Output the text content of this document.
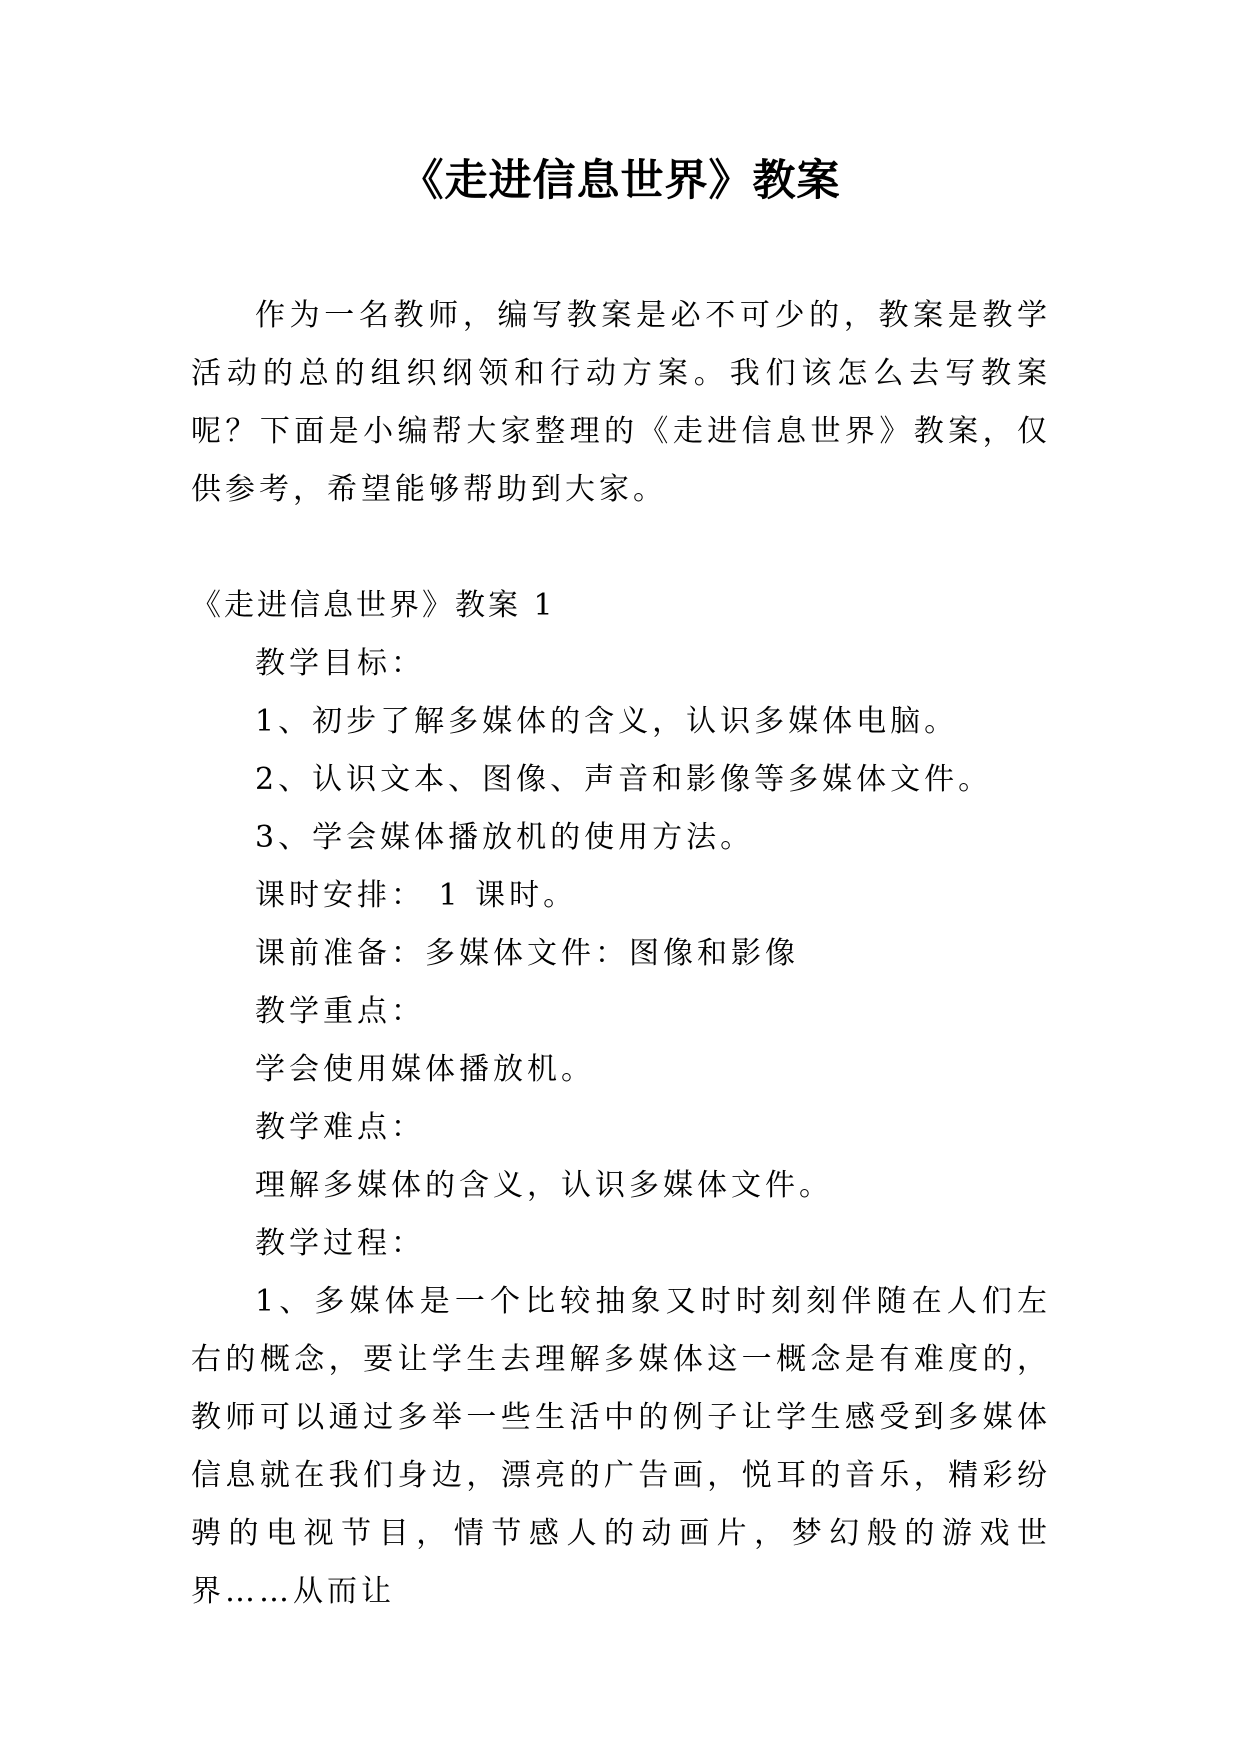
《走进信息世界》教案

作为一名教师，编写教案是必不可少的，教案是教学活动的总的组织纲领和行动方案。我们该怎么去写教案呢？下面是小编帮大家整理的《走进信息世界》教案，仅供参考，希望能够帮助到大家。

《走进信息世界》教案 1

教学目标：

1、初步了解多媒体的含义，认识多媒体电脑。

2、认识文本、图像、声音和影像等多媒体文件。

3、学会媒体播放机的使用方法。

课时安排： 1 课时。

课前准备：多媒体文件：图像和影像

教学重点：

学会使用媒体播放机。

教学难点：

理解多媒体的含义，认识多媒体文件。

教学过程：

1、多媒体是一个比较抽象又时时刻刻伴随在人们左右的概念，要让学生去理解多媒体这一概念是有难度的，教师可以通过多举一些生活中的例子让学生感受到多媒体信息就在我们身边，漂亮的广告画，悦耳的音乐，精彩纷骋的电视节目，情节感人的动画片，梦幻般的游戏世界……从而让
